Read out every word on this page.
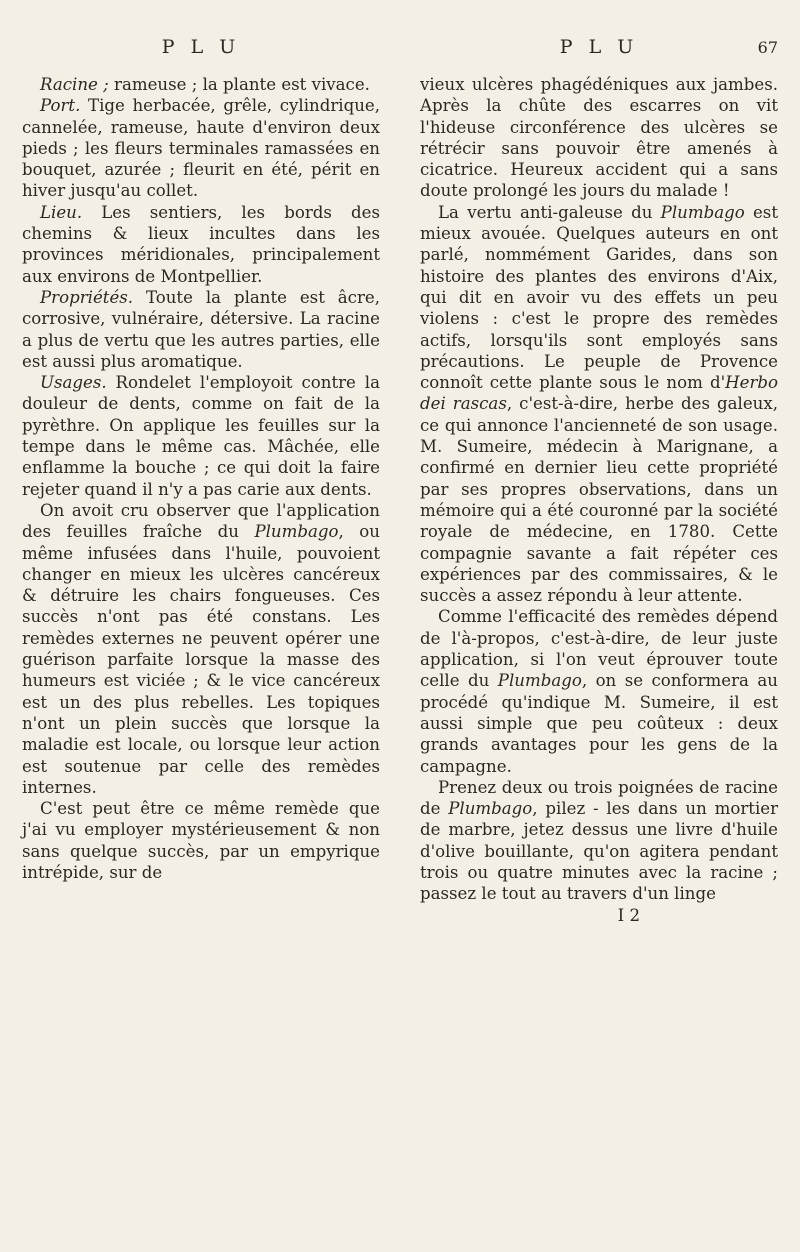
P L U

Racine ; rameuse ; la plante est vivace.

Port. Tige herbacée, grêle, cylindrique, cannelée, rameuse, haute d'environ deux pieds ; les fleurs terminales ramassées en bouquet, azurée ; fleurit en été, périt en hiver jusqu'au collet.

Lieu. Les sentiers, les bords des chemins & lieux incultes dans les provinces méridionales, principalement aux environs de Montpellier.

Propriétés. Toute la plante est âcre, corrosive, vulnéraire, détersive. La racine a plus de vertu que les autres parties, elle est aussi plus aromatique.

Usages. Rondelet l'employoit contre la douleur de dents, comme on fait de la pyrèthre. On applique les feuilles sur la tempe dans le même cas. Mâchée, elle enflamme la bouche ; ce qui doit la faire rejeter quand il n'y a pas carie aux dents.

On avoit cru observer que l'application des feuilles fraîche du Plumbago, ou même infusées dans l'huile, pouvoient changer en mieux les ulcères cancéreux & détruire les chairs fongueuses. Ces succès n'ont pas été constans. Les remèdes externes ne peuvent opérer une guérison parfaite lorsque la masse des humeurs est viciée ; & le vice cancéreux est un des plus rebelles. Les topiques n'ont un plein succès que lorsque la maladie est locale, ou lorsque leur action est soutenue par celle des remèdes internes.

C'est peut être ce même remède que j'ai vu employer mystérieusement & non sans quelque succès, par un empyrique intrépide, sur de

P L U	67

vieux ulcères phagédéniques aux jambes. Après la chûte des escarres on vit l'hideuse circonférence des ulcères se rétrécir sans pouvoir être amenés à cicatrice. Heureux accident qui a sans doute prolongé les jours du malade !

La vertu anti-galeuse du Plumbago est mieux avouée. Quelques auteurs en ont parlé, nommément Garides, dans son histoire des plantes des environs d'Aix, qui dit en avoir vu des effets un peu violens : c'est le propre des remèdes actifs, lorsqu'ils sont employés sans précautions. Le peuple de Provence connoît cette plante sous le nom d'Herbo dei rascas, c'est-à-dire, herbe des galeux, ce qui annonce l'ancienneté de son usage. M. Sumeire, médecin à Marignane, a confirmé en dernier lieu cette propriété par ses propres observations, dans un mémoire qui a été couronné par la société royale de médecine, en 1780. Cette compagnie savante a fait répéter ces expériences par des commissaires, & le succès a assez répondu à leur attente.

Comme l'efficacité des remèdes dépend de l'à-propos, c'est-à-dire, de leur juste application, si l'on veut éprouver toute celle du Plumbago, on se conformera au procédé qu'indique M. Sumeire, il est aussi simple que peu coûteux : deux grands avantages pour les gens de la campagne.

Prenez deux ou trois poignées de racine de Plumbago, pilez - les dans un mortier de marbre, jetez dessus une livre d'huile d'olive bouillante, qu'on agitera pendant trois ou quatre minutes avec la racine ; passez le tout au travers d'un linge

I 2
